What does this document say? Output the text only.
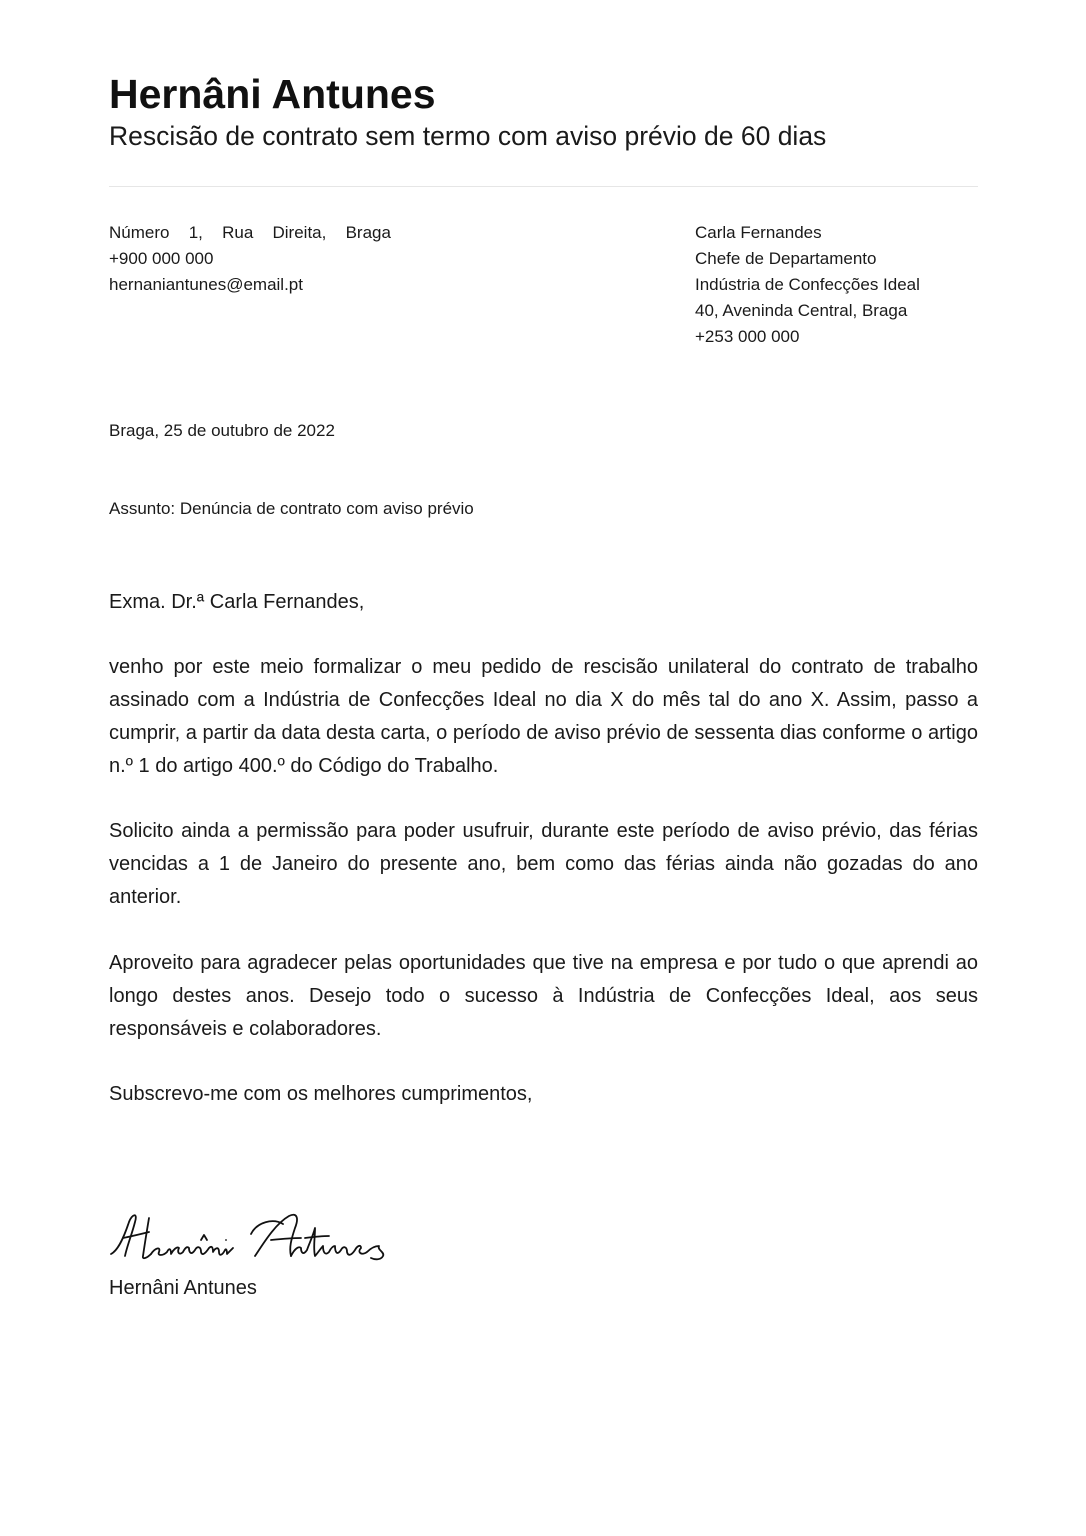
Hernâni Antunes
Rescisão de contrato sem termo com aviso prévio de 60 dias
Número 1, Rua Direita, Braga
+900 000 000
hernaniantunes@email.pt
Carla Fernandes
Chefe de Departamento
Indústria de Confecções Ideal
40, Aveninda Central, Braga
+253 000 000
Braga, 25 de outubro de 2022
Assunto: Denúncia de contrato com aviso prévio
Exma. Dr.ª Carla Fernandes,

venho por este meio formalizar o meu pedido de rescisão unilateral do contrato de trabalho assinado com a Indústria de Confecções Ideal no dia X do mês tal do ano X. Assim, passo a cumprir, a partir da data desta carta, o período de aviso prévio de sessenta dias conforme o artigo n.º 1 do artigo 400.º do Código do Trabalho.

Solicito ainda a permissão para poder usufruir, durante este período de aviso prévio, das férias vencidas a 1 de Janeiro do presente ano, bem como das férias ainda não gozadas do ano anterior.

Aproveito para agradecer pelas oportunidades que tive na empresa e por tudo o que aprendi ao longo destes anos. Desejo todo o sucesso à Indústria de Confecções Ideal, aos seus responsáveis e colaboradores.

Subscrevo-me com os melhores cumprimentos,
Hernâni Antunes
